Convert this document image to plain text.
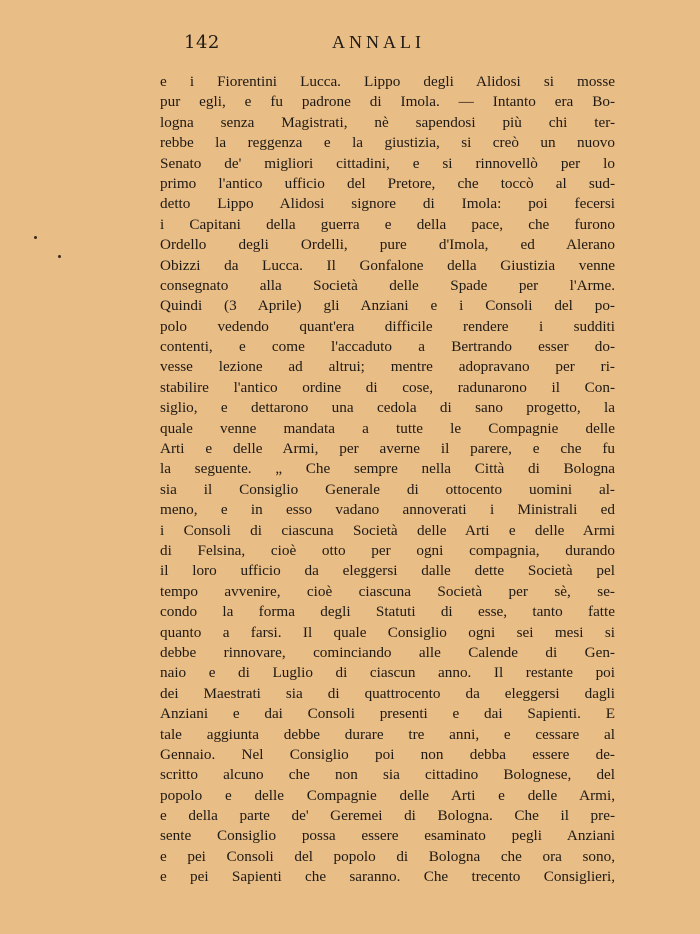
142	ANNALI
e i Fiorentini Lucca. Lippo degli Alidosi si mosse
pur egli, e fu padrone di Imola. — Intanto era Bo-
logna senza Magistrati, nè sapendosi più chi ter-
rebbe la reggenza e la giustizia, si creò un nuovo
Senato de' migliori cittadini, e si rinnovellò per lo
primo l'antico ufficio del Pretore, che toccò al sud-
detto Lippo Alidosi signore di Imola: poi fecersi
i Capitani della guerra e della pace, che furono
Ordello degli Ordelli, pure d'Imola, ed Alerano
Obizzi da Lucca. Il Gonfalone della Giustizia venne
consegnato alla Società delle Spade per l'Arme.
Quindi (3 Aprile) gli Anziani e i Consoli del po-
polo vedendo quant'era difficile rendere i sudditi
contenti, e come l'accaduto a Bertrando esser do-
vesse lezione ad altrui; mentre adopravano per ri-
stabilire l'antico ordine di cose, radunarono il Con-
siglio, e dettarono una cedola di sano progetto, la
quale venne mandata a tutte le Compagnie delle
Arti e delle Armi, per averne il parere, e che fu
la seguente. „ Che sempre nella Città di Bologna
sia il Consiglio Generale di ottocento uomini al-
meno, e in esso vadano annoverati i Ministrali ed
i Consoli di ciascuna Società delle Arti e delle Armi
di Felsina, cioè otto per ogni compagnia, durando
il loro ufficio da eleggersi dalle dette Società pel
tempo avvenire, cioè ciascuna Società per sè, se-
condo la forma degli Statuti di esse, tanto fatte
quanto a farsi. Il quale Consiglio ogni sei mesi si
debbe rinnovare, cominciando alle Calende di Gen-
naio e di Luglio di ciascun anno. Il restante poi
dei Maestrati sia di quattrocento da eleggersi dagli
Anziani e dai Consoli presenti e dai Sapienti. E
tale aggiunta debbe durare tre anni, e cessare al
Gennaio. Nel Consiglio poi non debba essere de-
scritto alcuno che non sia cittadino Bolognese, del
popolo e delle Compagnie delle Arti e delle Armi,
e della parte de' Geremei di Bologna. Che il pre-
sente Consiglio possa essere esaminato pegli Anziani
e pei Consoli del popolo di Bologna che ora sono,
e pei Sapienti che saranno. Che trecento Consiglieri,
